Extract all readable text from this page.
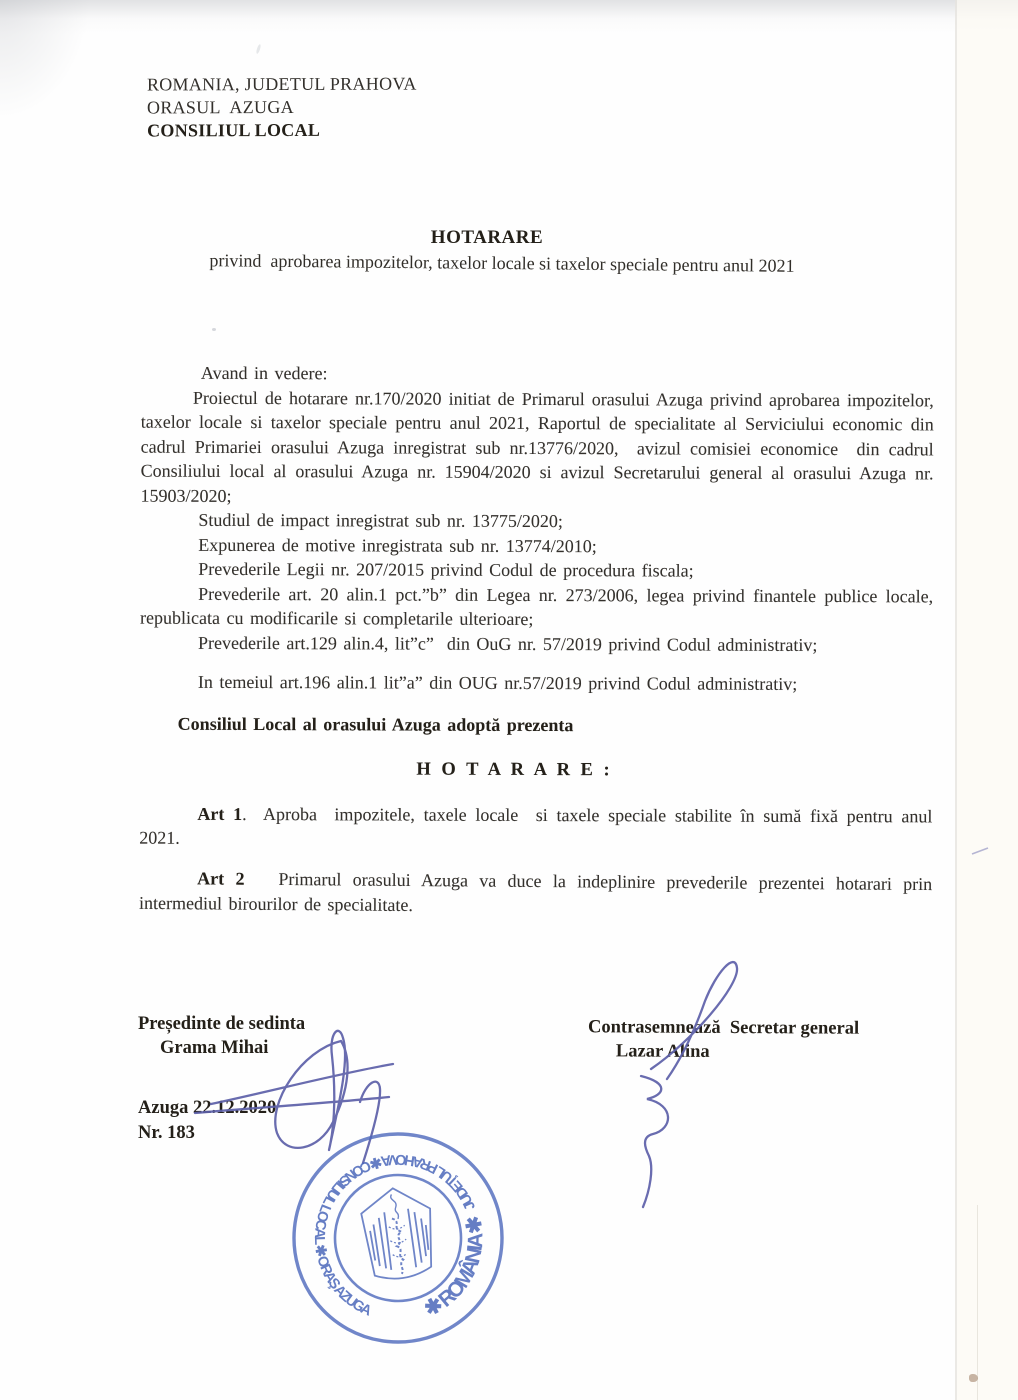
ROMANIA, JUDETUL PRAHOVA
ORASUL  AZUGA
CONSILIUL LOCAL
HOTARARE
privind  aprobarea impozitelor, taxelor locale si taxelor speciale pentru anul 2021

Avand in vedere:

Proiectul de hotarare nr.170/2020 initiat de Primarul orasului Azuga privind aprobarea impozitelor, taxelor locale si taxelor speciale pentru anul 2021, Raportul de specialitate al Serviciului economic din cadrul Primariei orasului Azuga inregistrat sub nr.13776/2020,  avizul comisiei economice  din cadrul Consiliului local al orasului Azuga nr. 15904/2020 si avizul Secretarului general al orasului Azuga nr. 15903/2020;

Studiul de impact inregistrat sub nr. 13775/2020;

Expunerea de motive inregistrata sub nr. 13774/2010;

Prevederile Legii nr. 207/2015 privind Codul de procedura fiscala;

Prevederile art. 20 alin.1 pct.”b” din Legea nr. 273/2006, legea privind finantele publice locale, republicata cu modificarile si completarile ulterioare;

Prevederile art.129 alin.4, lit”c”  din OuG nr. 57/2019 privind Codul administrativ;

In temeiul art.196 alin.1 lit”a” din OUG nr.57/2019 privind Codul administrativ;

Consiliul Local al orasului Azuga adoptă prezenta

H O T A R A R E :

Art 1.  Aproba  impozitele, taxele locale  si taxele speciale stabilite în sumă fixă pentru anul 2021.

Art 2   Primarul orasului Azuga va duce la indeplinire prevederile prezentei hotarari prin intermediul birourilor de specialitate.

Președinte de sedinta
Grama Mihai
Contrasemnează  Secretar general
Lazar Alina
Azuga 22.12.2020
Nr. 183
JUDEŢUL PRAHOVA ✱ CONSILIUL LOCAL ✱ ORAŞ AZUGA	✱ ROMÂNIA ✱
